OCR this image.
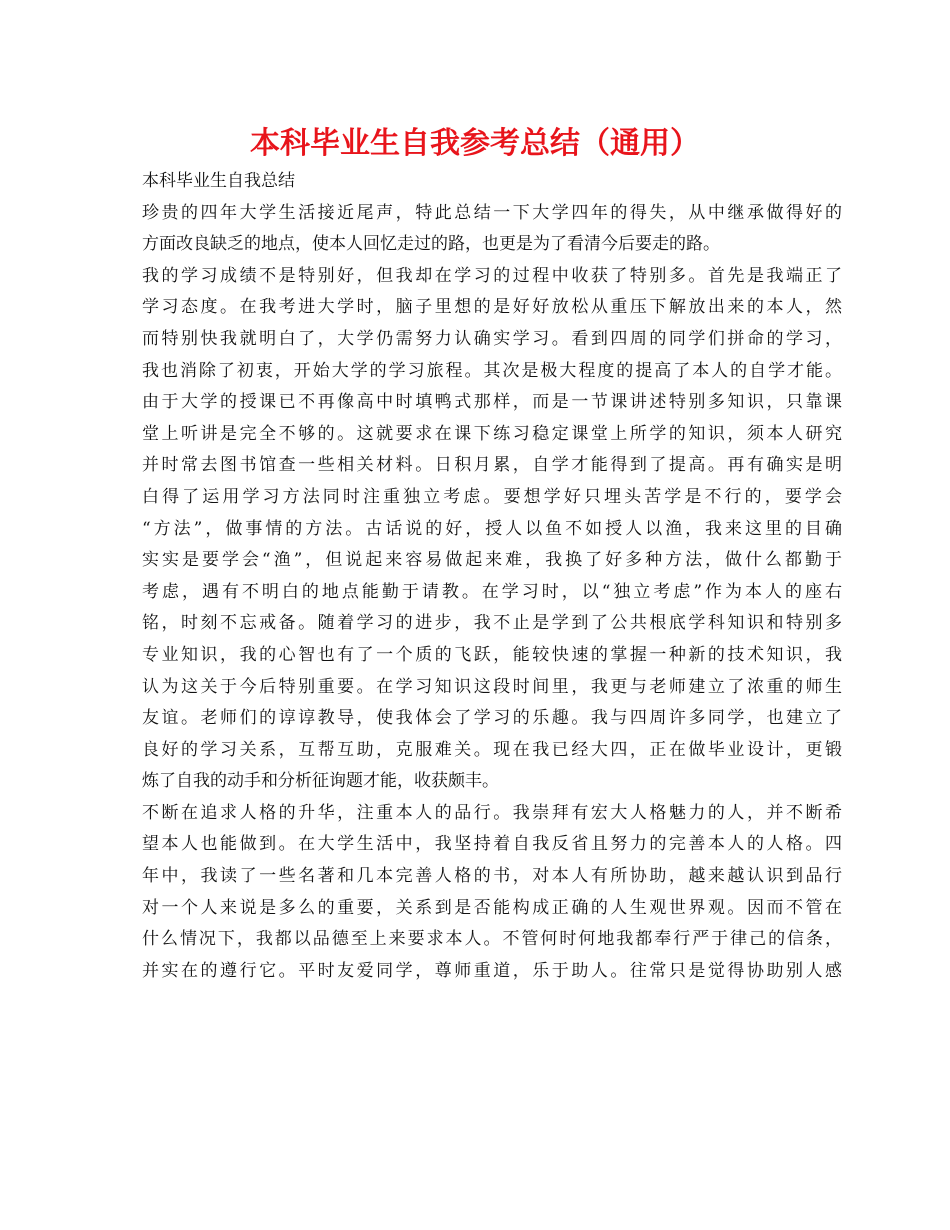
本科毕业生自我参考总结（通用）
本科毕业生自我总结
珍贵的四年大学生活接近尾声，特此总结一下大学四年的得失，从中继承做得好的
方面改良缺乏的地点，使本人回忆走过的路，也更是为了看清今后要走的路。
我的学习成绩不是特别好，但我却在学习的过程中收获了特别多。首先是我端正了
学习态度。在我考进大学时，脑子里想的是好好放松从重压下解放出来的本人，然
而特别快我就明白了，大学仍需努力认确实学习。看到四周的同学们拼命的学习，
我也消除了初衷，开始大学的学习旅程。其次是极大程度的提高了本人的自学才能。
由于大学的授课已不再像高中时填鸭式那样，而是一节课讲述特别多知识，只靠课
堂上听讲是完全不够的。这就要求在课下练习稳定课堂上所学的知识，须本人研究
并时常去图书馆查一些相关材料。日积月累，自学才能得到了提高。再有确实是明
白得了运用学习方法同时注重独立考虑。要想学好只埋头苦学是不行的，要学会
“方法”，做事情的方法。古话说的好，授人以鱼不如授人以渔，我来这里的目确
实实是要学会“渔”，但说起来容易做起来难，我换了好多种方法，做什么都勤于
考虑，遇有不明白的地点能勤于请教。在学习时，以“独立考虑”作为本人的座右
铭，时刻不忘戒备。随着学习的进步，我不止是学到了公共根底学科知识和特别多
专业知识，我的心智也有了一个质的飞跃，能较快速的掌握一种新的技术知识，我
认为这关于今后特别重要。在学习知识这段时间里，我更与老师建立了浓重的师生
友谊。老师们的谆谆教导，使我体会了学习的乐趣。我与四周许多同学，也建立了
良好的学习关系，互帮互助，克服难关。现在我已经大四，正在做毕业设计，更锻
炼了自我的动手和分析征询题才能，收获颇丰。
不断在追求人格的升华，注重本人的品行。我崇拜有宏大人格魅力的人，并不断希
望本人也能做到。在大学生活中，我坚持着自我反省且努力的完善本人的人格。四
年中，我读了一些名著和几本完善人格的书，对本人有所协助，越来越认识到品行
对一个人来说是多么的重要，关系到是否能构成正确的人生观世界观。因而不管在
什么情况下，我都以品德至上来要求本人。不管何时何地我都奉行严于律己的信条，
并实在的遵行它。平时友爱同学，尊师重道，乐于助人。往常只是觉得协助别人感
